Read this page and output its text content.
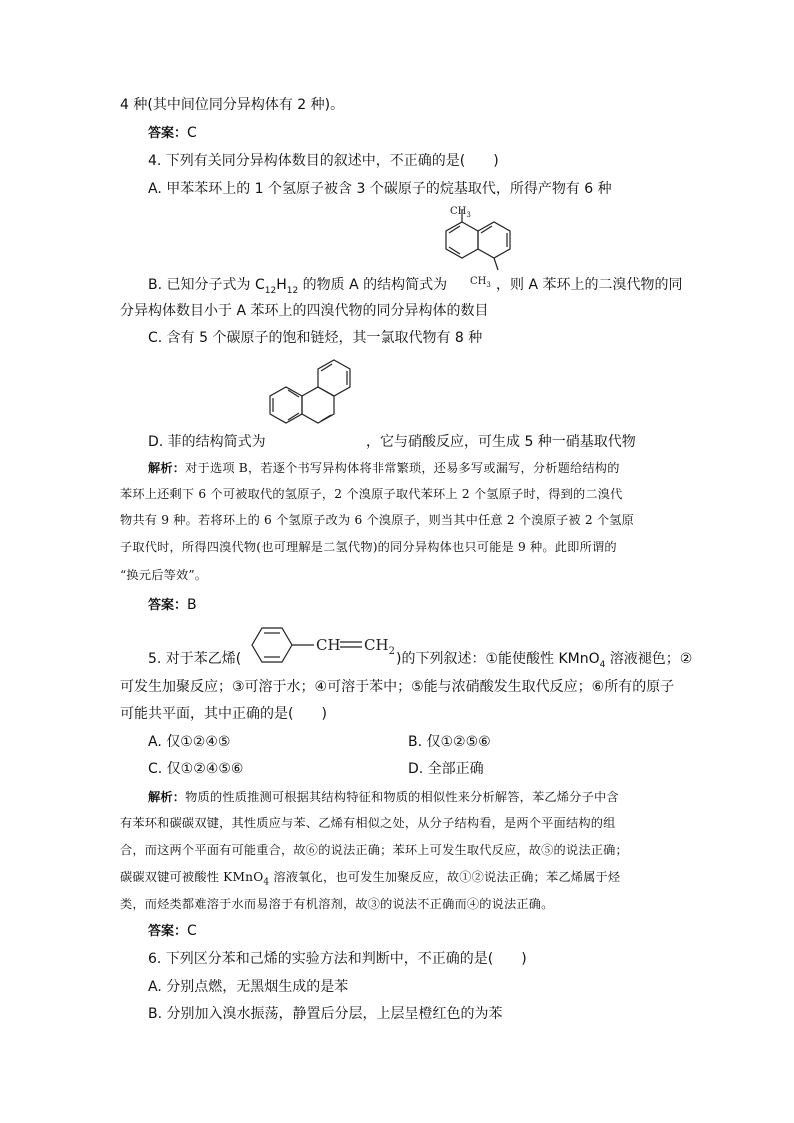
4 种(其中间位同分异构体有 2 种)。
答案：C
4. 下列有关同分异构体数目的叙述中，不正确的是(　　)
A. 甲苯苯环上的 1 个氢原子被含 3 个碳原子的烷基取代，所得产物有 6 种
$CH_3$
$CH_3$
B. 已知分子式为 $C_{12}H_{12}$ 的物质 A 的结构简式为	，则 A 苯环上的二溴代物的同
分异构体数目小于 A 苯环上的四溴代物的同分异构体的数目
C. 含有 5 个碳原子的饱和链烃，其一氯取代物有 8 种
D. 菲的结构简式为	，它与硝酸反应，可生成 5 种一硝基取代物
解析：对于选项 B，若逐个书写异构体将非常繁琐，还易多写或漏写，分析题给结构的
苯环上还剩下 6 个可被取代的氢原子，2 个溴原子取代苯环上 2 个氢原子时，得到的二溴代
物共有 9 种。若将环上的 6 个氢原子改为 6 个溴原子，则当其中任意 2 个溴原子被 2 个氢原
子取代时，所得四溴代物(也可理解是二氢代物)的同分异构体也只可能是 9 种。此即所谓的
“换元后等效”。
答案：B
5. 对于苯乙烯(
CH $CH_2$ )的下列叙述：①能使酸性 KMnO$_4$ 溶液褪色；②
可发生加聚反应；③可溶于水；④可溶于苯中；⑤能与浓硝酸发生取代反应；⑥所有的原子
可能共平面，其中正确的是(　　)
A. 仅①②④⑤	B. 仅①②⑤⑥
C. 仅①②④⑤⑥	D. 全部正确
解析：物质的性质推测可根据其结构特征和物质的相似性来分析解答，苯乙烯分子中含
有苯环和碳碳双键，其性质应与苯、乙烯有相似之处，从分子结构看，是两个平面结构的组
合，而这两个平面有可能重合，故⑥的说法正确；苯环上可发生取代反应，故⑤的说法正确；
碳碳双键可被酸性 KMnO$_4$ 溶液氧化，也可发生加聚反应，故①②说法正确；苯乙烯属于烃
类，而烃类都难溶于水而易溶于有机溶剂，故③的说法不正确而④的说法正确。
答案：C
6. 下列区分苯和己烯的实验方法和判断中，不正确的是(　　)
A. 分别点燃，无黑烟生成的是苯
B. 分别加入溴水振荡，静置后分层，上层呈橙红色的为苯
